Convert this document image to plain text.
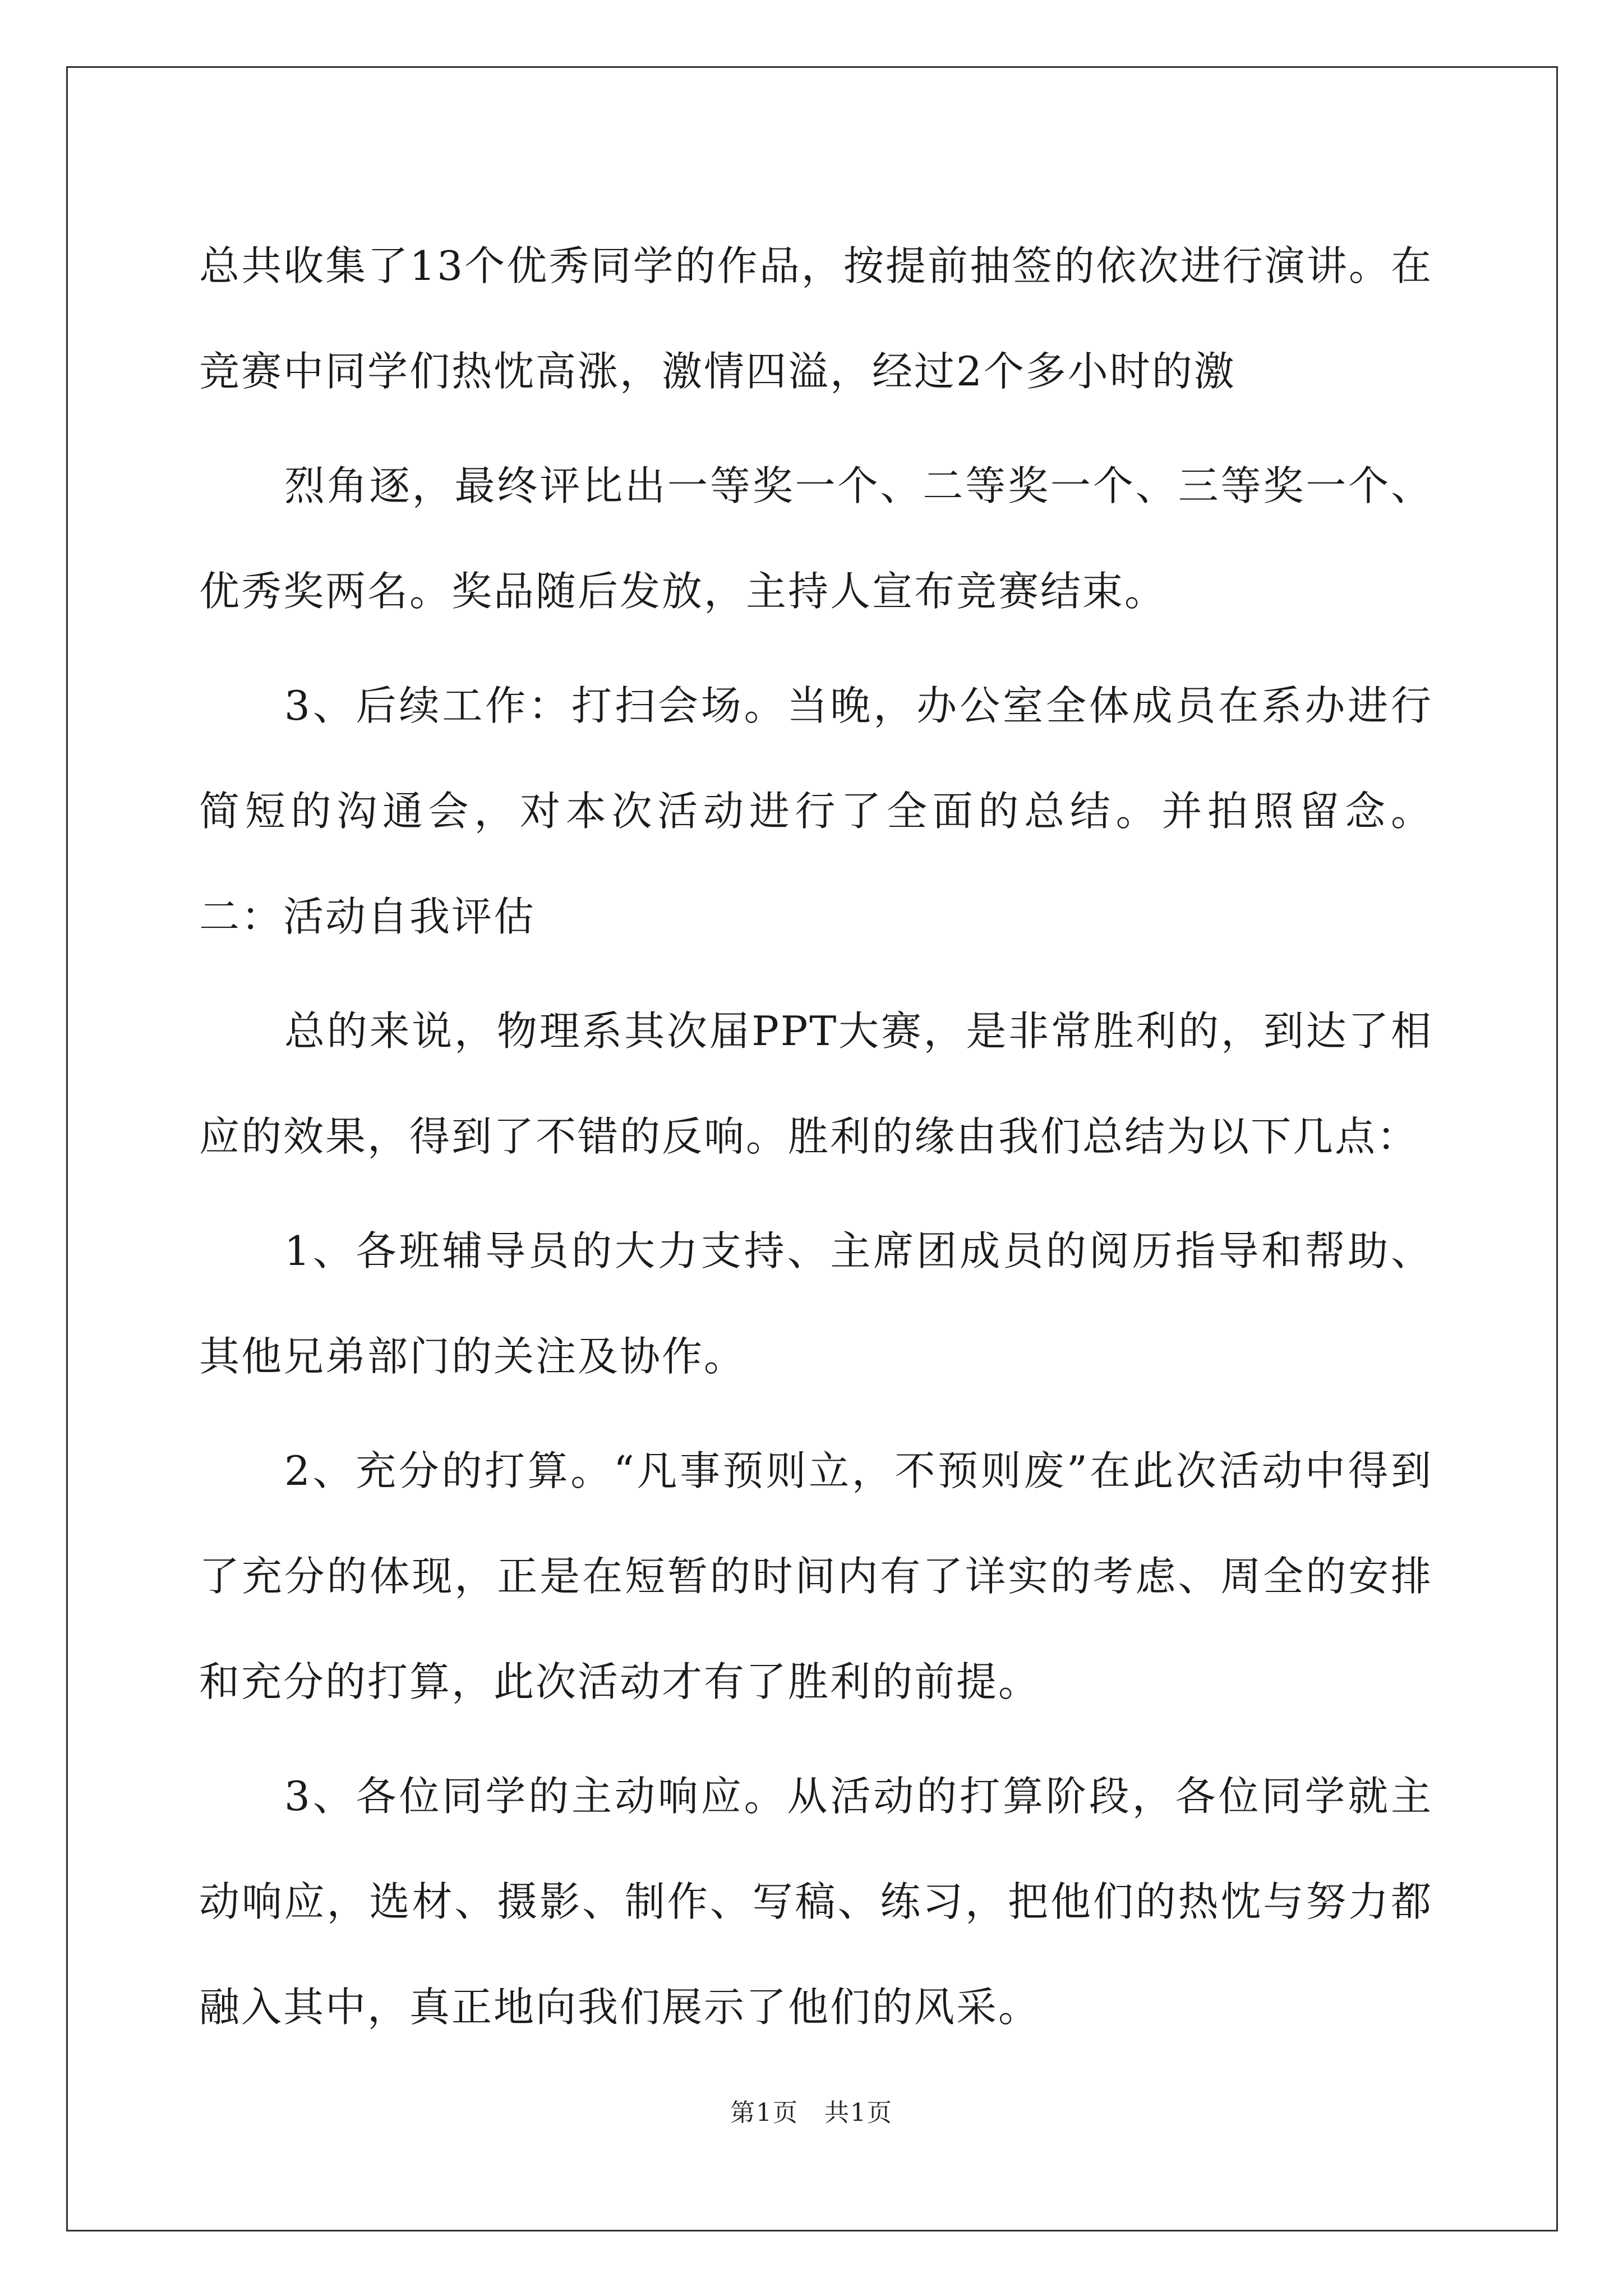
总共收集了13个优秀同学的作品，按提前抽签的依次进行演讲。在竞赛中同学们热忱高涨，激情四溢，经过2个多小时的激

烈角逐，最终评比出一等奖一个、二等奖一个、三等奖一个、优秀奖两名。奖品随后发放，主持人宣布竞赛结束。

3、后续工作：打扫会场。当晚，办公室全体成员在系办进行简短的沟通会，对本次活动进行了全面的总结。并拍照留念。 二：活动自我评估

总的来说，物理系其次届PPT大赛，是非常胜利的，到达了相应的效果，得到了不错的反响。胜利的缘由我们总结为以下几点：

1、各班辅导员的大力支持、主席团成员的阅历指导和帮助、其他兄弟部门的关注及协作。

2、充分的打算。“凡事预则立，不预则废”在此次活动中得到了充分的体现，正是在短暂的时间内有了详实的考虑、周全的安排和充分的打算，此次活动才有了胜利的前提。

3、各位同学的主动响应。从活动的打算阶段，各位同学就主动响应，选材、摄影、制作、写稿、练习，把他们的热忱与努力都融入其中，真正地向我们展示了他们的风采。

第1页　共1页
